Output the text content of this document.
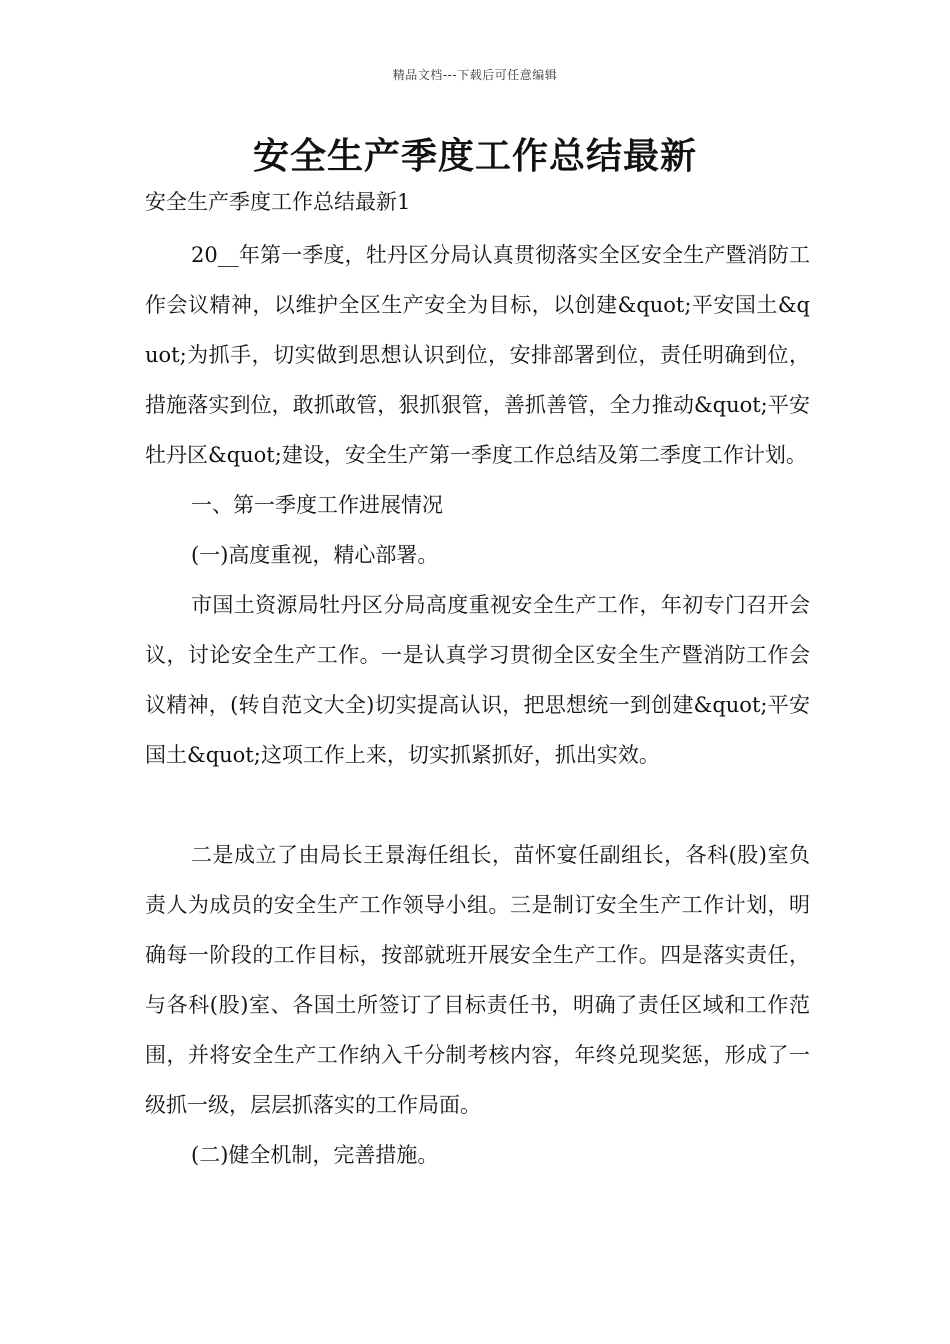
精品文档---下载后可任意编辑
安全生产季度工作总结最新
安全生产季度工作总结最新1

20__年第一季度，牡丹区分局认真贯彻落实全区安全生产暨消防工作会议精神，以维护全区生产安全为目标，以创建&quot;平安国土&quot;为抓手，切实做到思想认识到位，安排部署到位，责任明确到位，措施落实到位，敢抓敢管，狠抓狠管，善抓善管，全力推动&quot;平安牡丹区&quot;建设，安全生产第一季度工作总结及第二季度工作计划。

一、第一季度工作进展情况

(一)高度重视，精心部署。

市国土资源局牡丹区分局高度重视安全生产工作，年初专门召开会议，讨论安全生产工作。一是认真学习贯彻全区安全生产暨消防工作会议精神，(转自范文大全)切实提高认识，把思想统一到创建&quot;平安国土&quot;这项工作上来，切实抓紧抓好，抓出实效。

二是成立了由局长王景海任组长，苗怀宴任副组长，各科(股)室负责人为成员的安全生产工作领导小组。三是制订安全生产工作计划，明确每一阶段的工作目标，按部就班开展安全生产工作。四是落实责任，与各科(股)室、各国土所签订了目标责任书，明确了责任区域和工作范围，并将安全生产工作纳入千分制考核内容，年终兑现奖惩，形成了一级抓一级，层层抓落实的工作局面。

(二)健全机制，完善措施。
